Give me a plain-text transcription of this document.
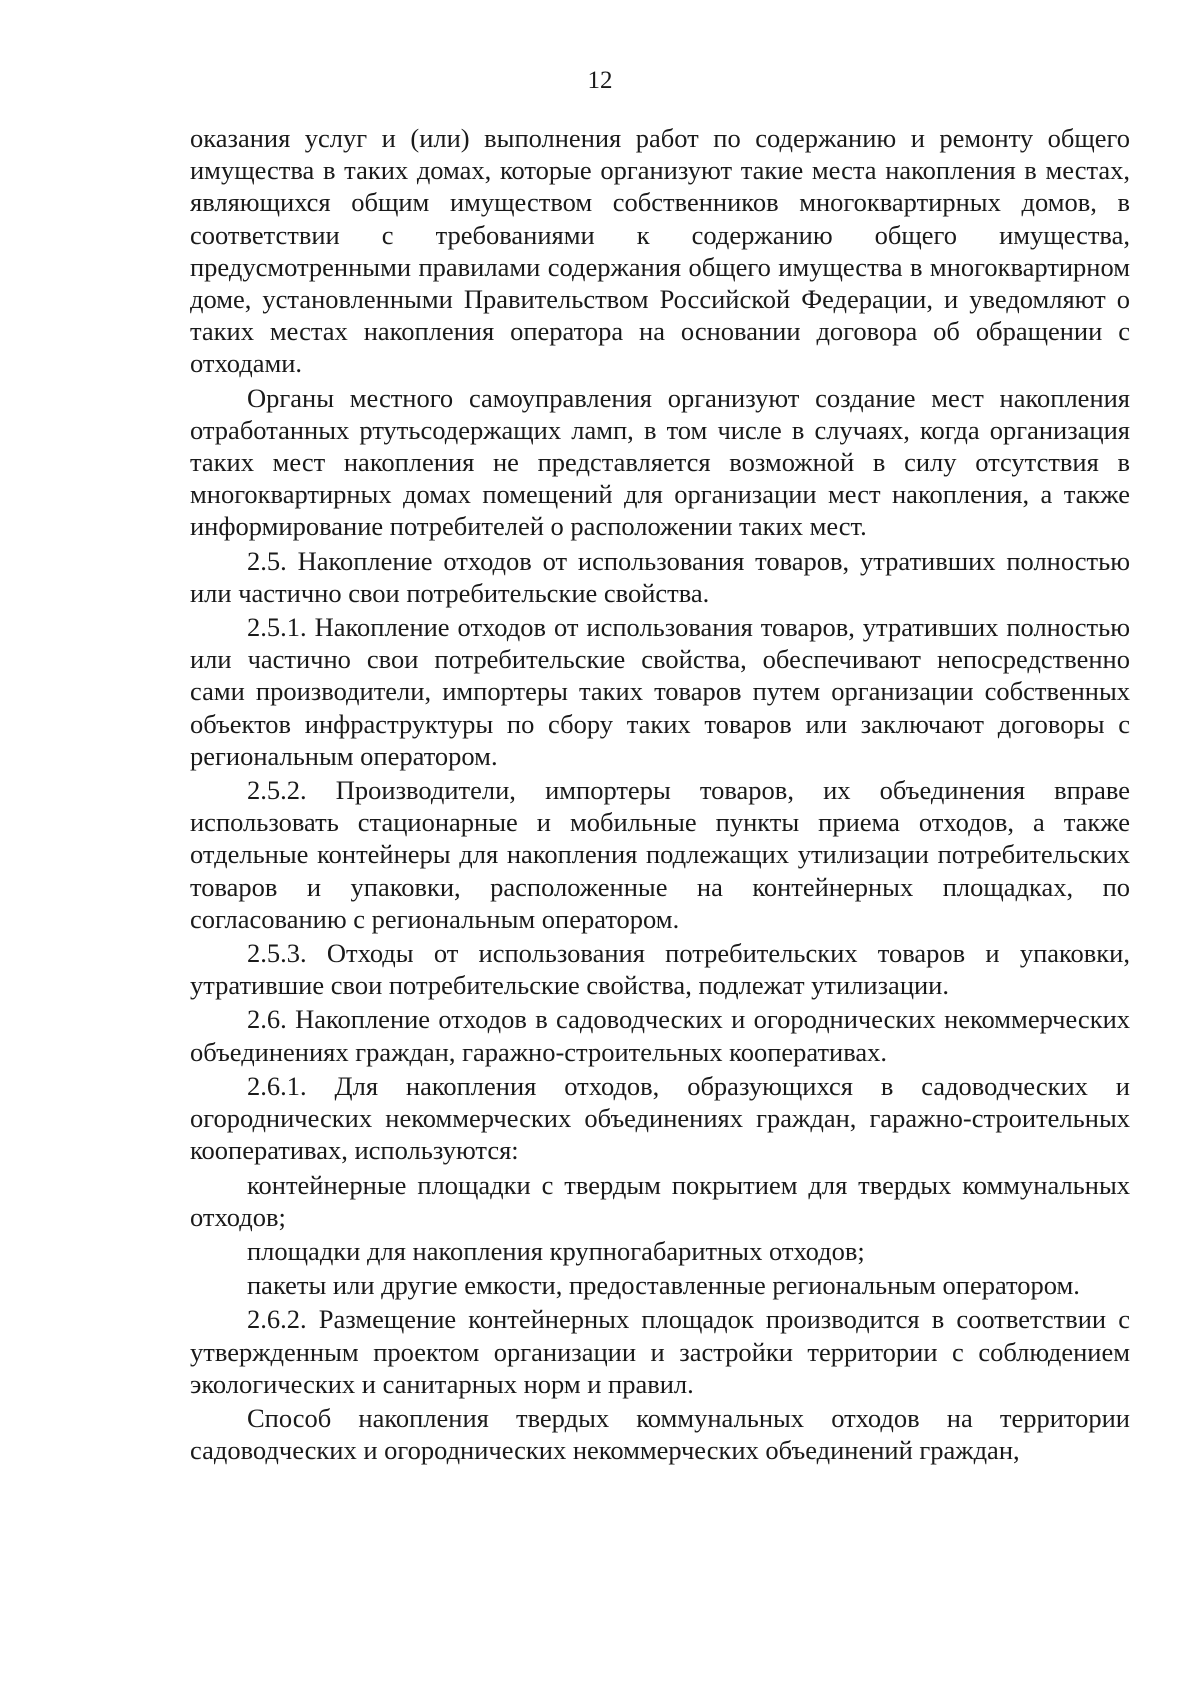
12

оказания услуг и (или) выполнения работ по содержанию и ремонту общего имущества в таких домах, которые организуют такие места накопления в местах, являющихся общим имуществом собственников многоквартирных домов, в соответствии с требованиями к содержанию общего имущества, предусмотренными правилами содержания общего имущества в многоквартирном доме, установленными Правительством Российской Федерации, и уведомляют о таких местах накопления оператора на основании договора об обращении с отходами.

Органы местного самоуправления организуют создание мест накопления отработанных ртутьсодержащих ламп, в том числе в случаях, когда организация таких мест накопления не представляется возможной в силу отсутствия в многоквартирных домах помещений для организации мест накопления, а также информирование потребителей о расположении таких мест.

2.5. Накопление отходов от использования товаров, утративших полностью или частично свои потребительские свойства.

2.5.1. Накопление отходов от использования товаров, утративших полностью или частично свои потребительские свойства, обеспечивают непосредственно сами производители, импортеры таких товаров путем организации собственных объектов инфраструктуры по сбору таких товаров или заключают договоры с региональным оператором.

2.5.2. Производители, импортеры товаров, их объединения вправе использовать стационарные и мобильные пункты приема отходов, а также отдельные контейнеры для накопления подлежащих утилизации потребительских товаров и упаковки, расположенные на контейнерных площадках, по согласованию с региональным оператором.

2.5.3. Отходы от использования потребительских товаров и упаковки, утратившие свои потребительские свойства, подлежат утилизации.

2.6. Накопление отходов в садоводческих и огороднических некоммерческих объединениях граждан, гаражно-строительных кооперативах.

2.6.1. Для накопления отходов, образующихся в садоводческих и огороднических некоммерческих объединениях граждан, гаражно-строительных кооперативах, используются:

контейнерные площадки с твердым покрытием для твердых коммунальных отходов;

площадки для накопления крупногабаритных отходов;

пакеты или другие емкости, предоставленные региональным оператором.

2.6.2. Размещение контейнерных площадок производится в соответствии с утвержденным проектом организации и застройки территории с соблюдением экологических и санитарных норм и правил.

Способ накопления твердых коммунальных отходов на территории садоводческих и огороднических некоммерческих объединений граждан,
